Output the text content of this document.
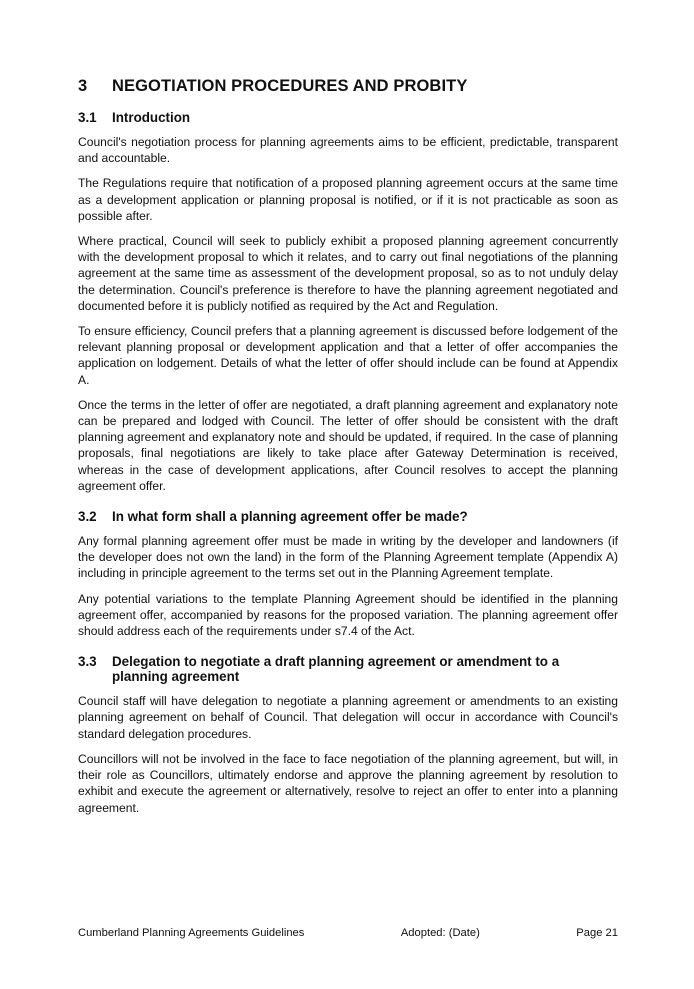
3	NEGOTIATION PROCEDURES AND PROBITY
3.1	Introduction

Council's negotiation process for planning agreements aims to be efficient, predictable, transparent and accountable.

The Regulations require that notification of a proposed planning agreement occurs at the same time as a development application or planning proposal is notified, or if it is not practicable as soon as possible after.

Where practical, Council will seek to publicly exhibit a proposed planning agreement concurrently with the development proposal to which it relates, and to carry out final negotiations of the planning agreement at the same time as assessment of the development proposal, so as to not unduly delay the determination. Council's preference is therefore to have the planning agreement negotiated and documented before it is publicly notified as required by the Act and Regulation.

To ensure efficiency, Council prefers that a planning agreement is discussed before lodgement of the relevant planning proposal or development application and that a letter of offer accompanies the application on lodgement. Details of what the letter of offer should include can be found at Appendix A.

Once the terms in the letter of offer are negotiated, a draft planning agreement and explanatory note can be prepared and lodged with Council. The letter of offer should be consistent with the draft planning agreement and explanatory note and should be updated, if required. In the case of planning proposals, final negotiations are likely to take place after Gateway Determination is received, whereas in the case of development applications, after Council resolves to accept the planning agreement offer.

3.2	In what form shall a planning agreement offer be made?

Any formal planning agreement offer must be made in writing by the developer and landowners (if the developer does not own the land) in the form of the Planning Agreement template (Appendix A) including in principle agreement to the terms set out in the Planning Agreement template.

Any potential variations to the template Planning Agreement should be identified in the planning agreement offer, accompanied by reasons for the proposed variation. The planning agreement offer should address each of the requirements under s7.4 of the Act.

3.3	Delegation to negotiate a draft planning agreement or amendment to a planning agreement

Council staff will have delegation to negotiate a planning agreement or amendments to an existing planning agreement on behalf of Council. That delegation will occur in accordance with Council's standard delegation procedures.

Councillors will not be involved in the face to face negotiation of the planning agreement, but will, in their role as Councillors, ultimately endorse and approve the planning agreement by resolution to exhibit and execute the agreement or alternatively, resolve to reject an offer to enter into a planning agreement.

Cumberland Planning Agreements Guidelines	Adopted: (Date)	Page 21
